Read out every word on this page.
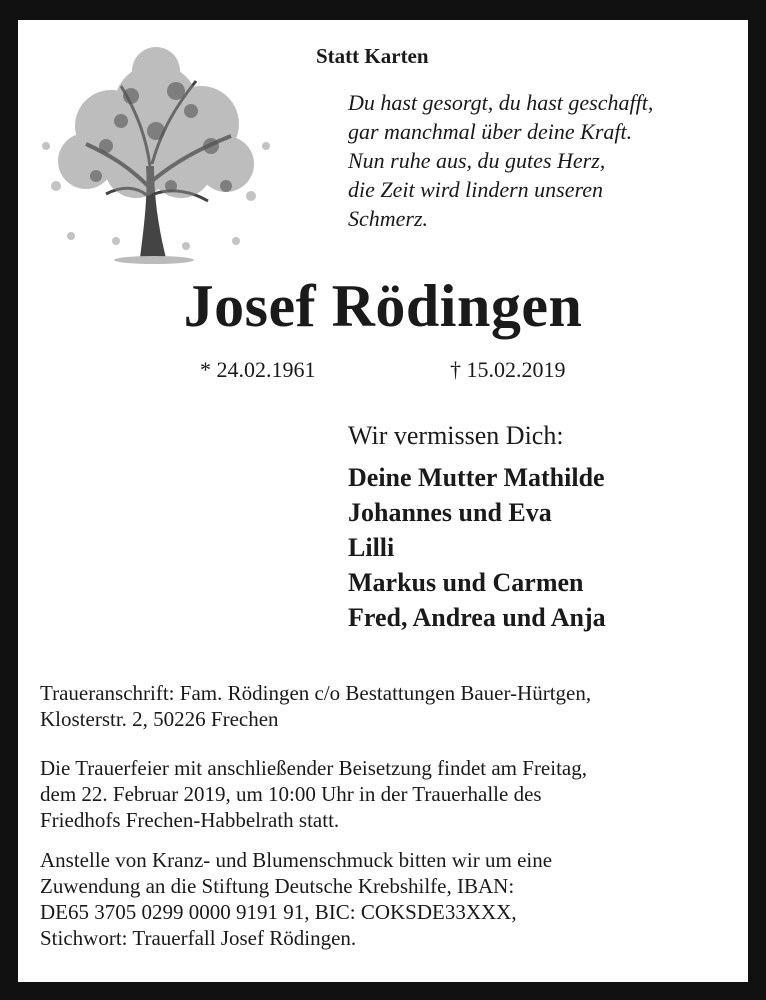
Statt Karten
Du hast gesorgt, du hast geschafft,
gar manchmal über deine Kraft.
Nun ruhe aus, du gutes Herz,
die Zeit wird lindern unseren
Schmerz.
Josef Rödingen
* 24.02.1961	† 15.02.2019
Wir vermissen Dich:
Deine Mutter Mathilde
Johannes und Eva
Lilli
Markus und Carmen
Fred, Andrea und Anja
Traueranschrift: Fam. Rödingen c/o Bestattungen Bauer-Hürtgen,
Klosterstr. 2, 50226 Frechen
Die Trauerfeier mit anschließender Beisetzung findet am Freitag,
dem 22. Februar 2019, um 10:00 Uhr in der Trauerhalle des
Friedhofs Frechen-Habbelrath statt.
Anstelle von Kranz- und Blumenschmuck bitten wir um eine
Zuwendung an die Stiftung Deutsche Krebshilfe, IBAN:
DE65 3705 0299 0000 9191 91, BIC: COKSDE33XXX,
Stichwort: Trauerfall Josef Rödingen.
